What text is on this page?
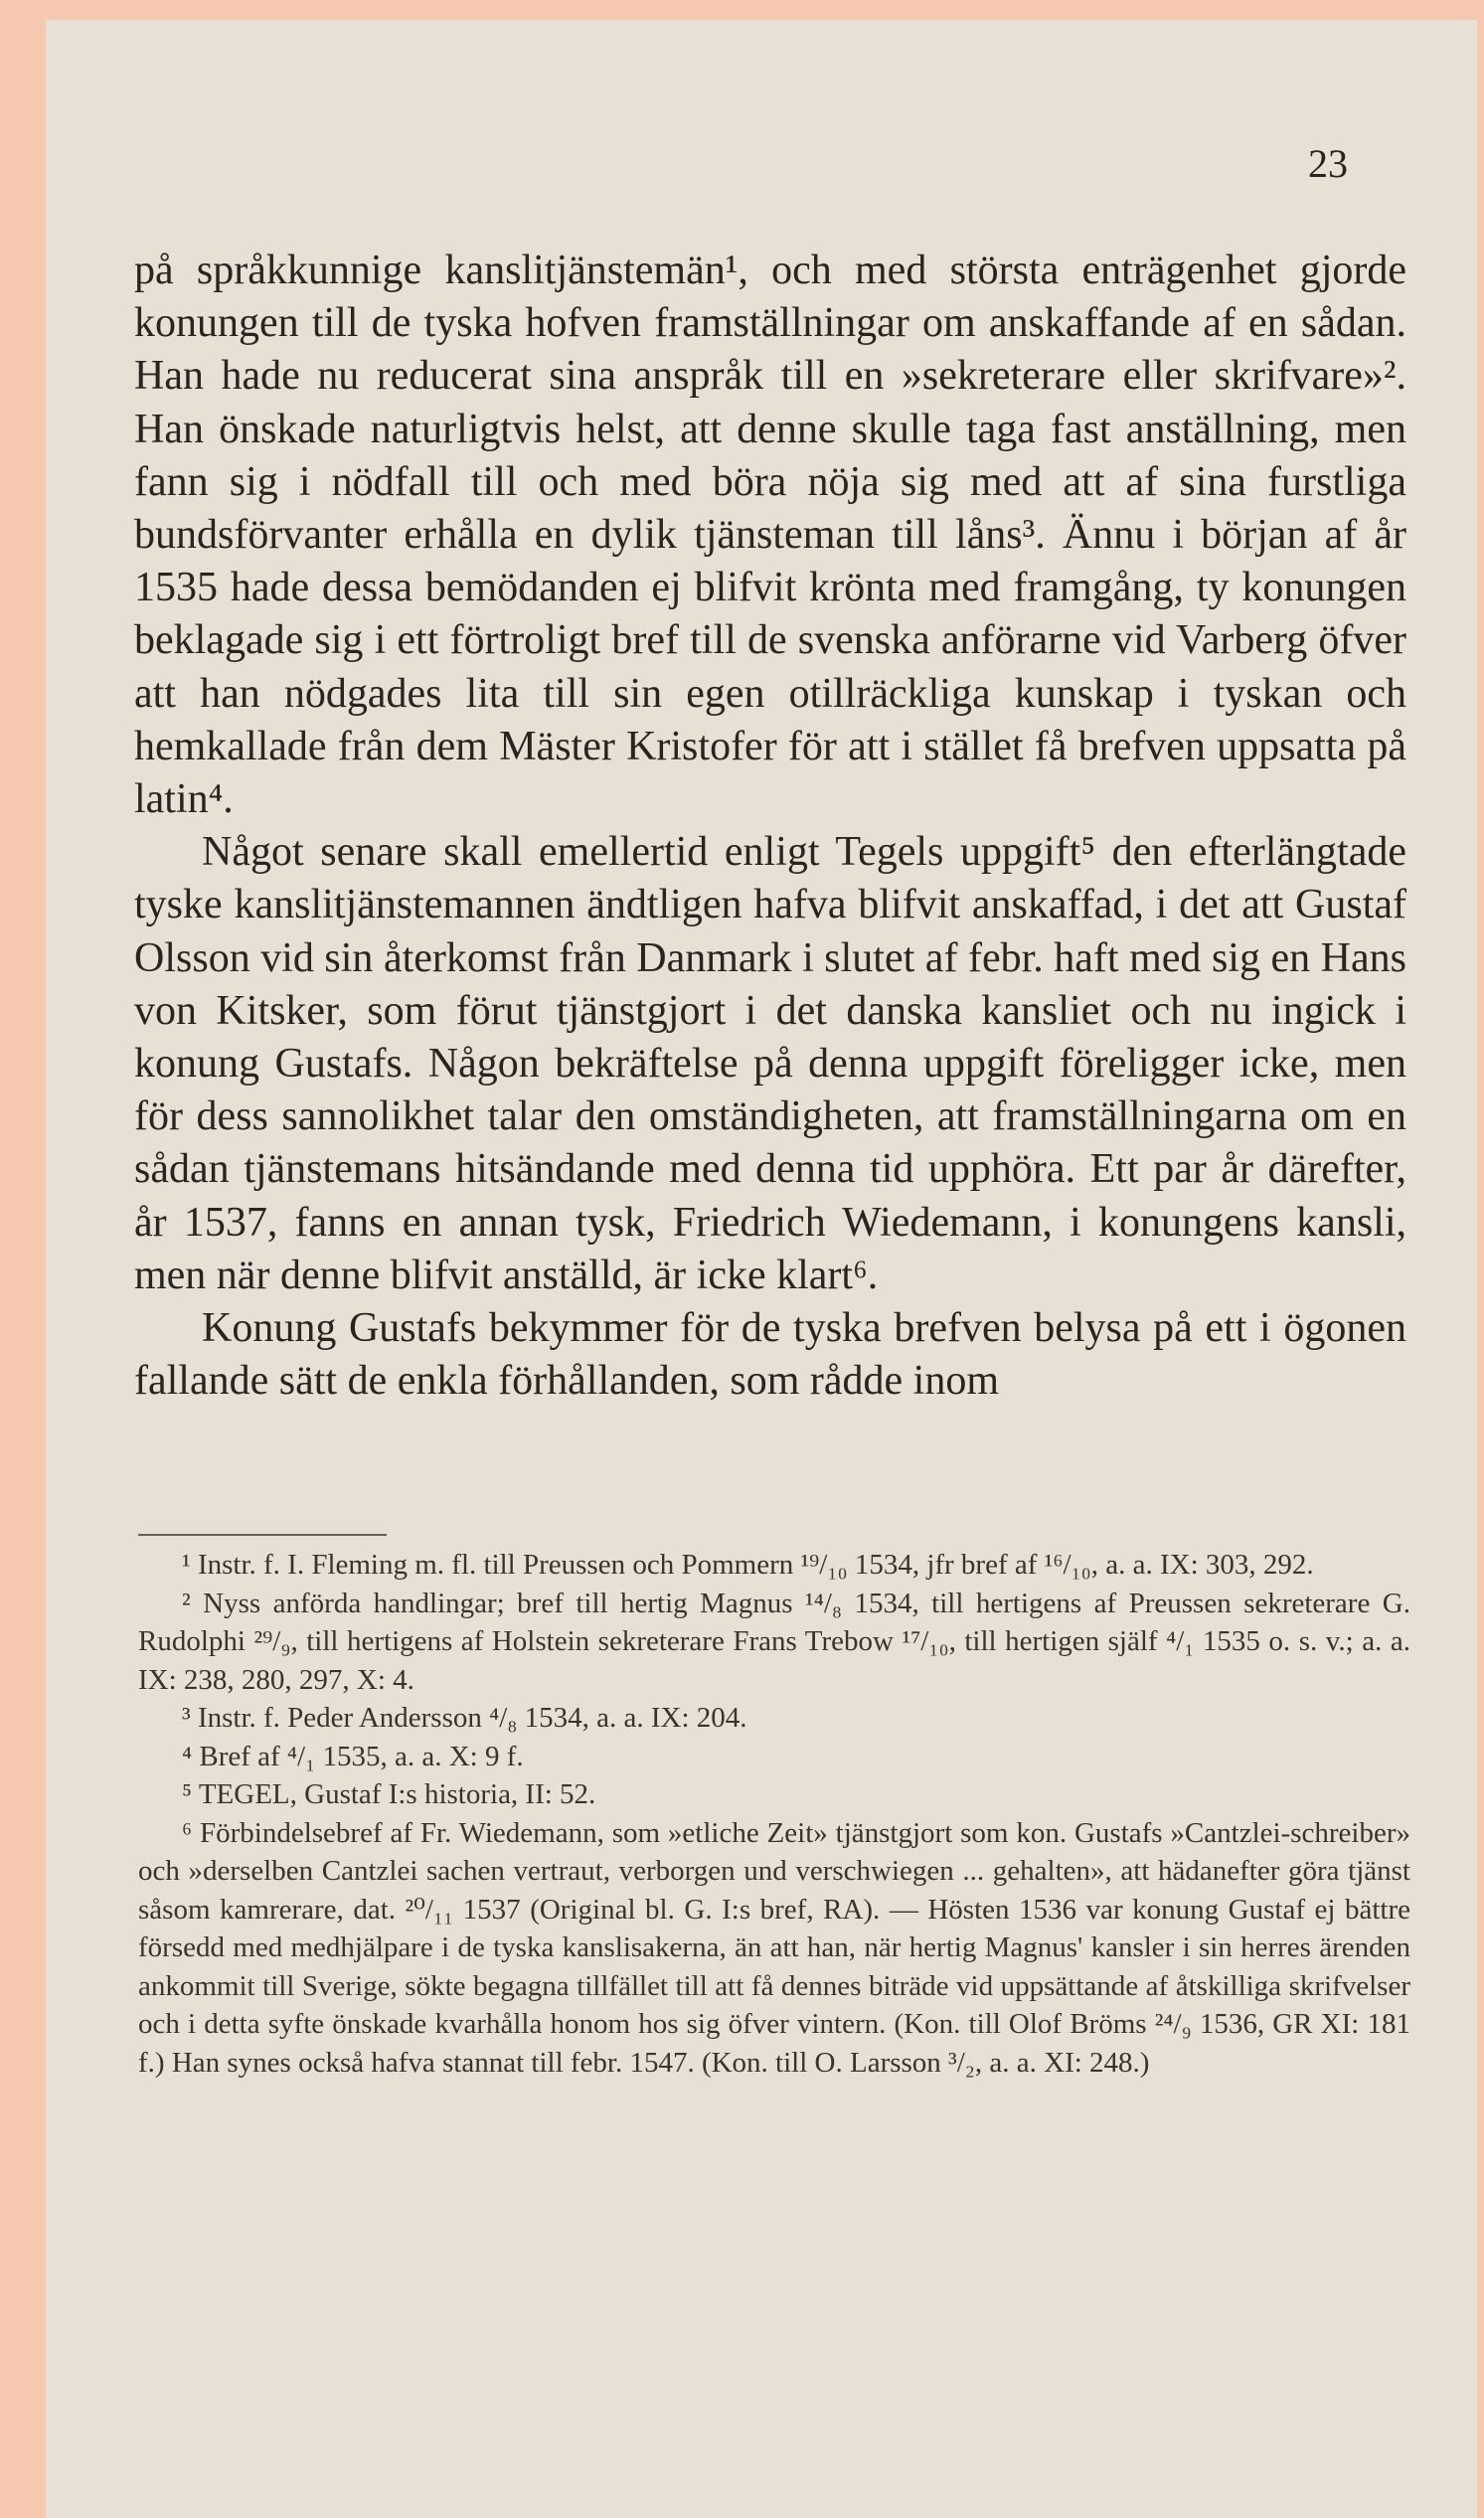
23

på språkkunnige kanslitjänstemän¹, och med största enträgenhet gjorde konungen till de tyska hofven framställningar om anskaffande af en sådan. Han hade nu reducerat sina anspråk till en »sekreterare eller skrifvare»². Han önskade naturligtvis helst, att denne skulle taga fast anställning, men fann sig i nödfall till och med böra nöja sig med att af sina furstliga bundsförvanter erhålla en dylik tjänsteman till låns³. Ännu i början af år 1535 hade dessa bemödanden ej blifvit krönta med framgång, ty konungen beklagade sig i ett förtroligt bref till de svenska anförarne vid Varberg öfver att han nödgades lita till sin egen otillräckliga kunskap i tyskan och hemkallade från dem Mäster Kristofer för att i stället få brefven uppsatta på latin⁴.

Något senare skall emellertid enligt Tegels uppgift⁵ den efterlängtade tyske kanslitjänstemannen ändtligen hafva blifvit anskaffad, i det att Gustaf Olsson vid sin återkomst från Danmark i slutet af febr. haft med sig en Hans von Kitsker, som förut tjänstgjort i det danska kansliet och nu ingick i konung Gustafs. Någon bekräftelse på denna uppgift föreligger icke, men för dess sannolikhet talar den omständigheten, att framställningarna om en sådan tjänstemans hitsändande med denna tid upphöra. Ett par år därefter, år 1537, fanns en annan tysk, Friedrich Wiedemann, i konungens kansli, men när denne blifvit anställd, är icke klart⁶.

Konung Gustafs bekymmer för de tyska brefven belysa på ett i ögonen fallande sätt de enkla förhållanden, som rådde inom

¹ Instr. f. I. Fleming m. fl. till Preussen och Pommern ¹⁹/₁₀ 1534, jfr bref af ¹⁶/₁₀, a. a. IX: 303, 292.

² Nyss anförda handlingar; bref till hertig Magnus ¹⁴/₈ 1534, till hertigens af Preussen sekreterare G. Rudolphi ²⁹/₉, till hertigens af Holstein sekreterare Frans Trebow ¹⁷/₁₀, till hertigen själf ⁴/₁ 1535 o. s. v.; a. a. IX: 238, 280, 297, X: 4.

³ Instr. f. Peder Andersson ⁴/₈ 1534, a. a. IX: 204.

⁴ Bref af ⁴/₁ 1535, a. a. X: 9 f.

⁵ TEGEL, Gustaf I:s historia, II: 52.

⁶ Förbindelsebref af Fr. Wiedemann, som »etliche Zeit» tjänstgjort som kon. Gustafs »Cantzlei-schreiber» och »derselben Cantzlei sachen vertraut, verborgen und verschwiegen ... gehalten», att hädanefter göra tjänst såsom kamrerare, dat. ²⁰/₁₁ 1537 (Original bl. G. I:s bref, RA). — Hösten 1536 var konung Gustaf ej bättre försedd med medhjälpare i de tyska kanslisakerna, än att han, när hertig Magnus' kansler i sin herres ärenden ankommit till Sverige, sökte begagna tillfället till att få dennes biträde vid uppsättande af åtskilliga skrifvelser och i detta syfte önskade kvarhålla honom hos sig öfver vintern. (Kon. till Olof Bröms ²⁴/₉ 1536, GR XI: 181 f.) Han synes också hafva stannat till febr. 1547. (Kon. till O. Larsson ³/₂, a. a. XI: 248.)
